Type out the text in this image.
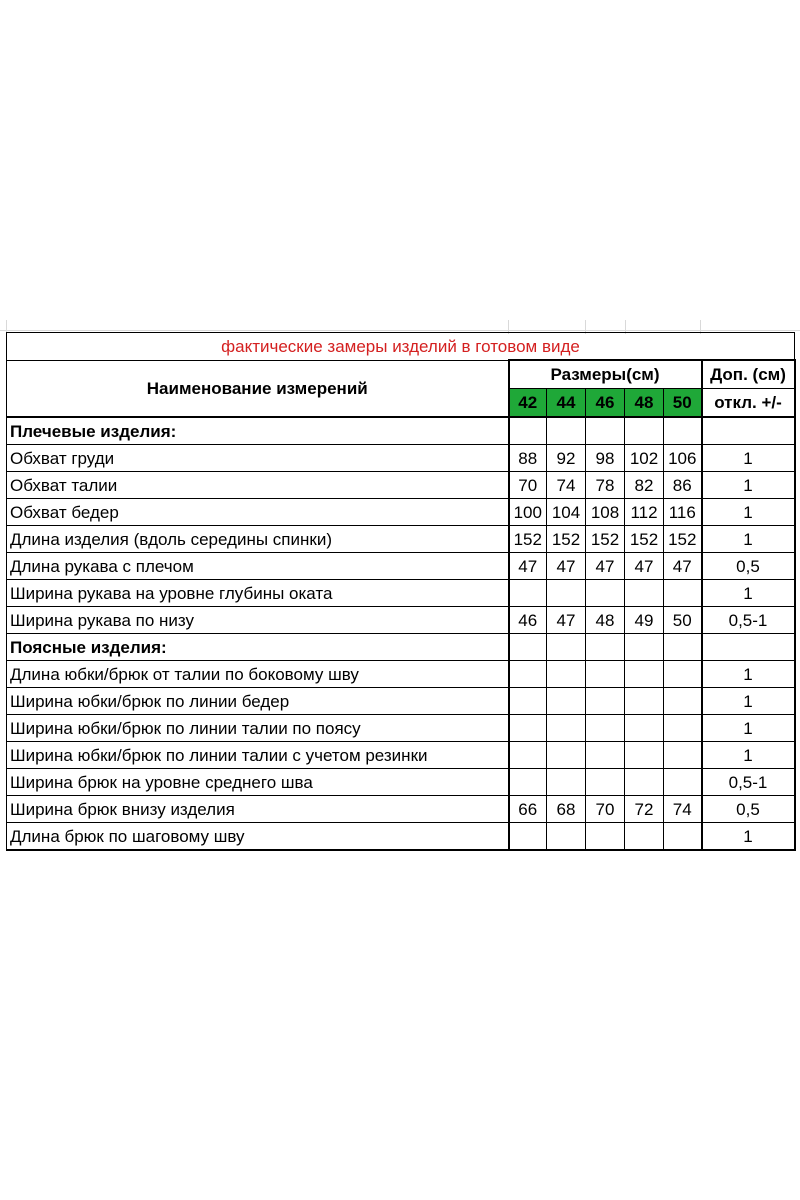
фактические замеры изделий в готовом виде						
Наименование измерений	Размеры(см)					Доп. (см)
	42	44	46	48	50	откл. +/-
Плечевые изделия:						
Обхват груди	88	92	98	102	106	1
Обхват талии	70	74	78	82	86	1
Обхват бедер	100	104	108	112	116	1
Длина изделия (вдоль середины спинки)	152	152	152	152	152	1
Длина рукава с плечом	47	47	47	47	47	0,5
Ширина рукава на уровне глубины оката						1
Ширина рукава по низу	46	47	48	49	50	0,5-1
Поясные изделия:						
Длина юбки/брюк от талии по боковому шву						1
Ширина юбки/брюк по линии бедер						1
Ширина юбки/брюк по линии талии по поясу						1
Ширина юбки/брюк по линии талии с учетом резинки						1
Ширина брюк на уровне среднего шва						0,5-1
Ширина брюк внизу изделия	66	68	70	72	74	0,5
Длина брюк по шаговому шву						1
